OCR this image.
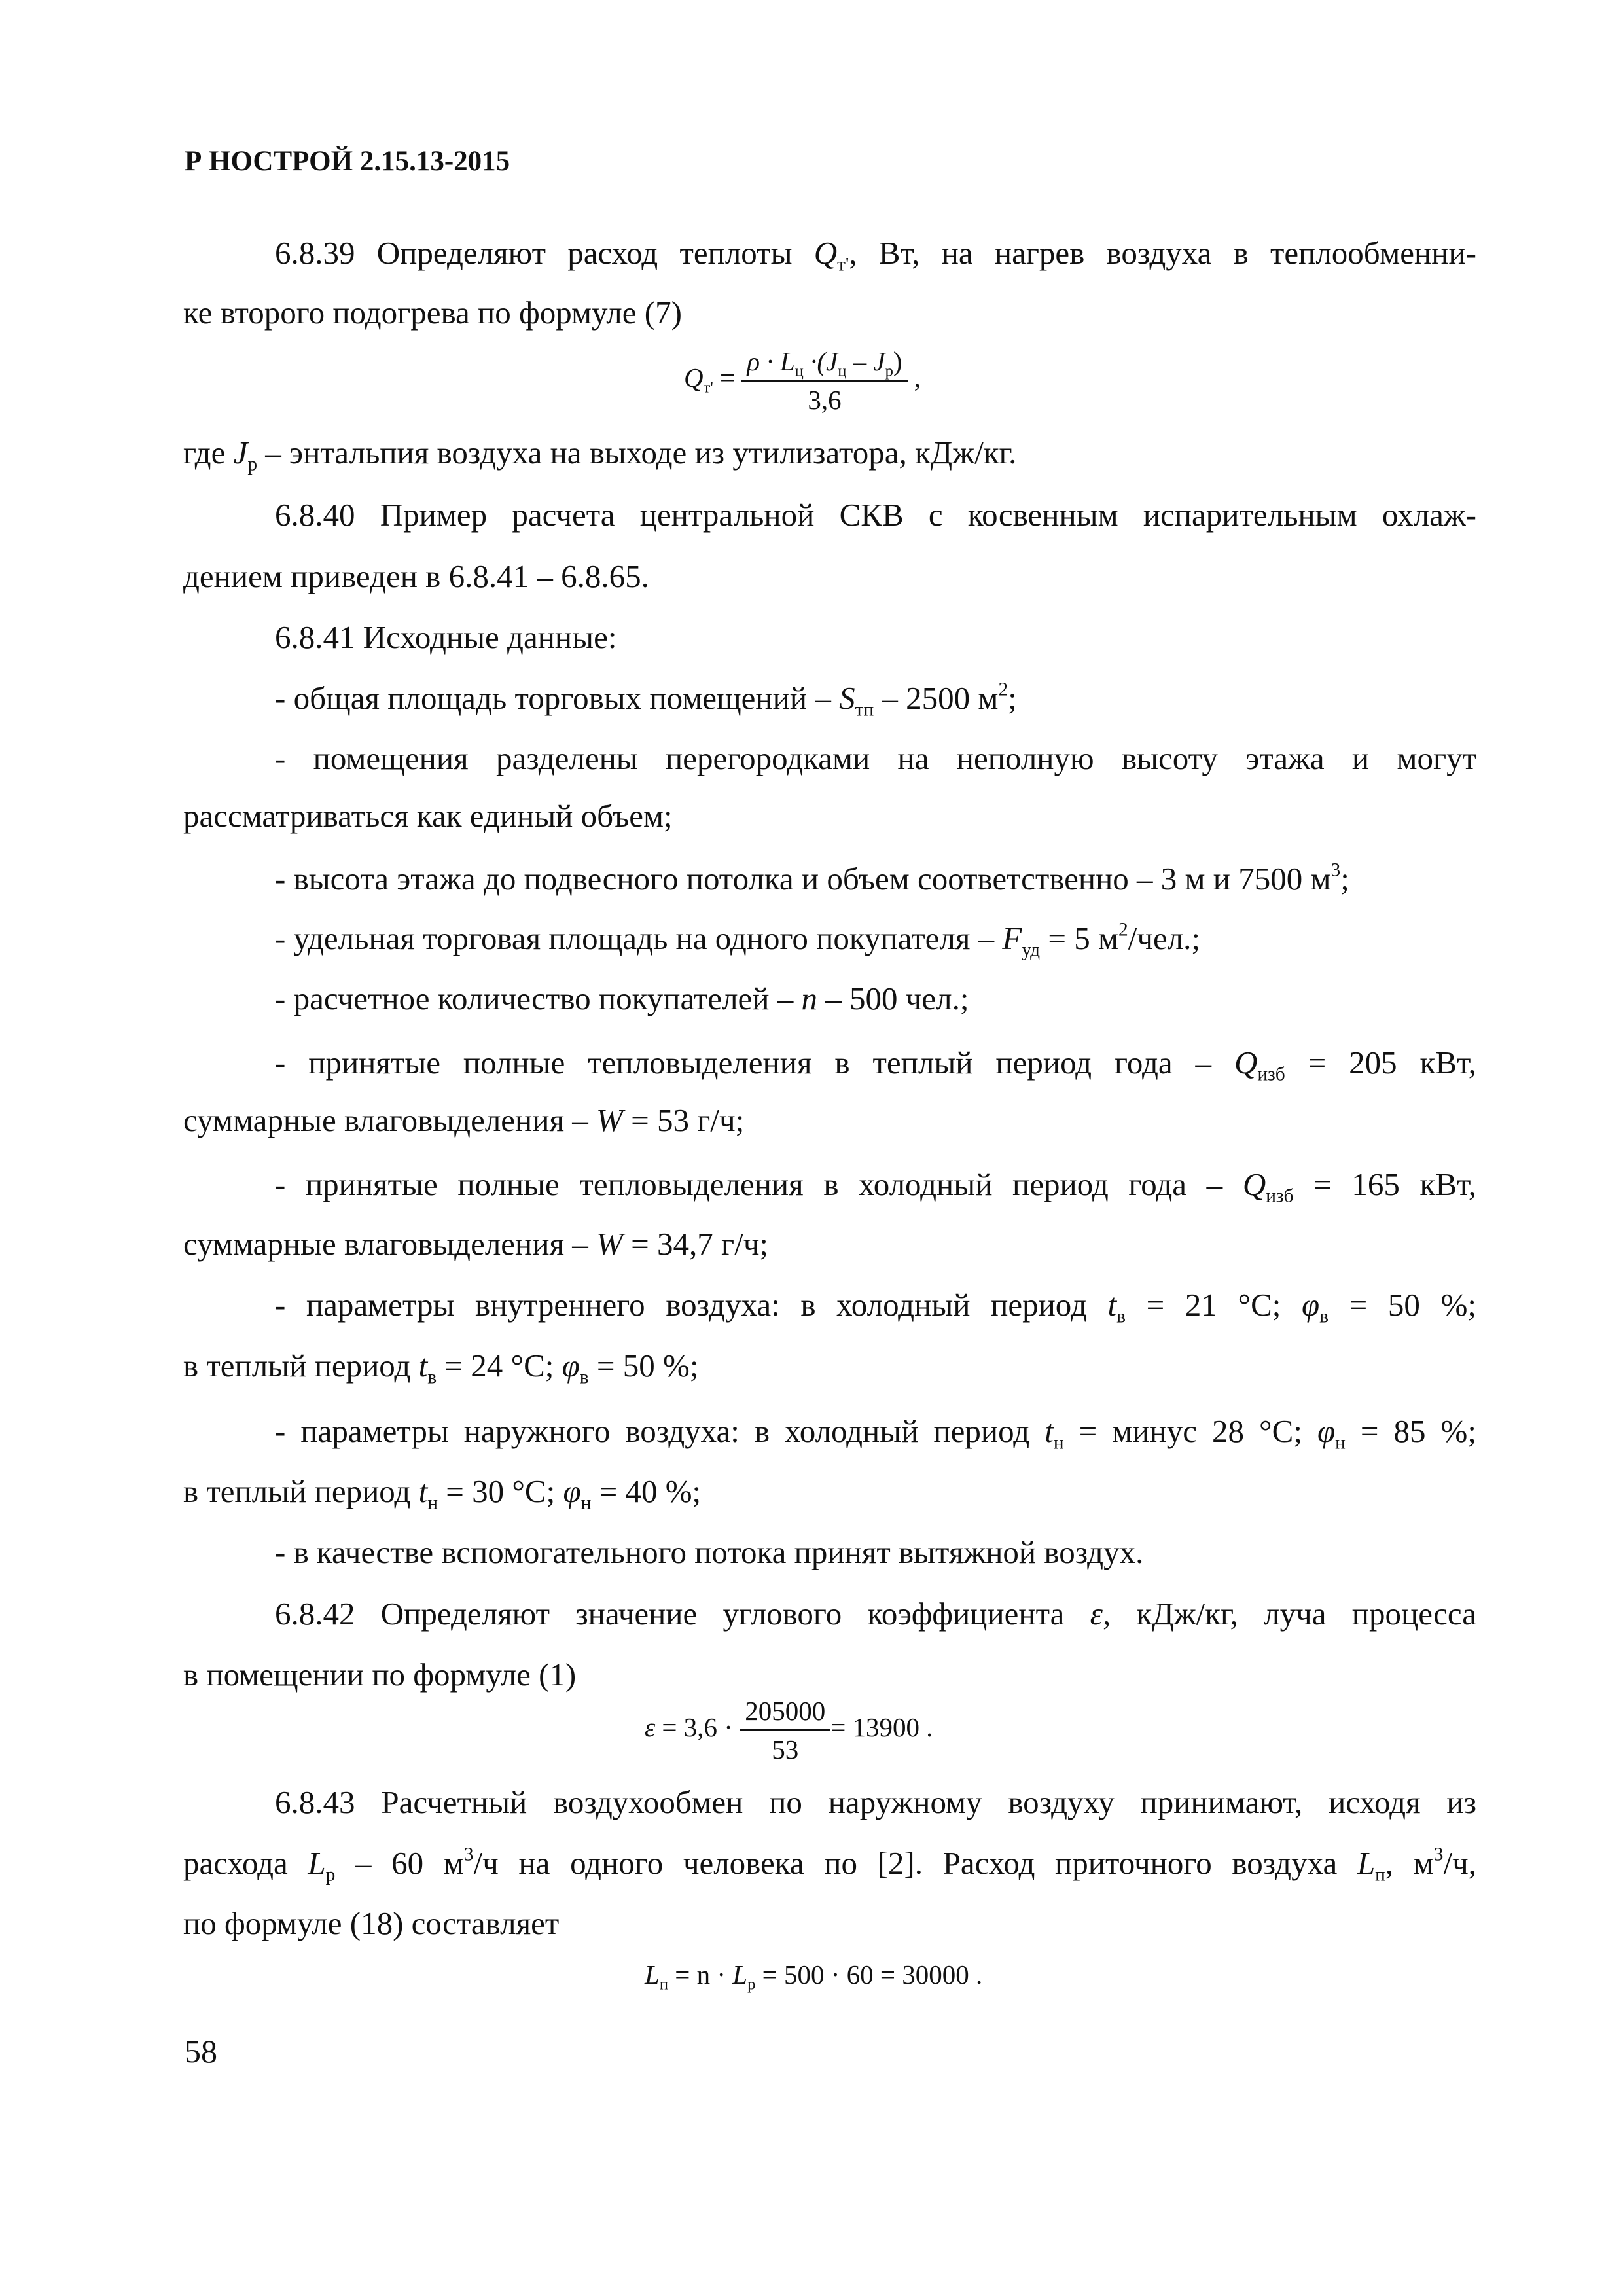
Р НОСТРОЙ 2.15.13-2015
6.8.39 Определяют расход теплоты $Q_{т'}$, Вт, на нагрев воздуха в теплообменни-
ке второго подогрева по формуле (7)
$Q_{т'} = \frac{\rho \cdot L_ц \cdot(J_ц - J_р)}{3,6}$ ,
где $J_р$ – энтальпия воздуха на выходе из утилизатора, кДж/кг.
6.8.40 Пример расчета центральной СКВ с косвенным испарительным охлаж-
дением приведен в 6.8.41 – 6.8.65.
6.8.41 Исходные данные:
- общая площадь торговых помещений – $S_{тп} - 2500$ $м^2$;
- помещения разделены перегородками на неполную высоту этажа и могут
рассматриваться как единый объем;
- высота этажа до подвесного потолка и объем соответственно – 3 м и 7500 $м^3$;
- удельная торговая площадь на одного покупателя – $F_{уд} = 5$ $м^2$/чел.;
- расчетное количество покупателей – n – 500 чел.;
- принятые полные тепловыделения в теплый период года – $Q_{изб} = 205$ кВт,
суммарные влаговыделения – W = 53 г/ч;
- принятые полные тепловыделения в холодный период года – $Q_{изб} = 165$ кВт,
суммарные влаговыделения – W = 34,7 г/ч;
- параметры внутреннего воздуха: в холодный период $t_в = 21$ °С; $\varphi_в = 50$ %;
в теплый период $t_в = 24$ °С; $\varphi_в = 50$ %;
- параметры наружного воздуха: в холодный период $t_н$ = минус 28 °С; $\varphi_н = 85$ %;
в теплый период $t_н = 30$ °С; $\varphi_н = 40$ %;
- в качестве вспомогательного потока принят вытяжной воздух.
6.8.42 Определяют значение углового коэффициента ε, кДж/кг, луча процесса
в помещении по формуле (1)
$\varepsilon = 3,6 \cdot \frac{205000}{53} = 13900$ .
6.8.43 Расчетный воздухообмен по наружному воздуху принимают, исходя из
расхода $L_р - 60$ $м^3/ч$ на одного человека по [2]. Расход приточного воздуха $L_п$, $м^3/ч$,
по формуле (18) составляет
$L_п = n \cdot L_р = 500 \cdot 60 = 30000$ .
58
